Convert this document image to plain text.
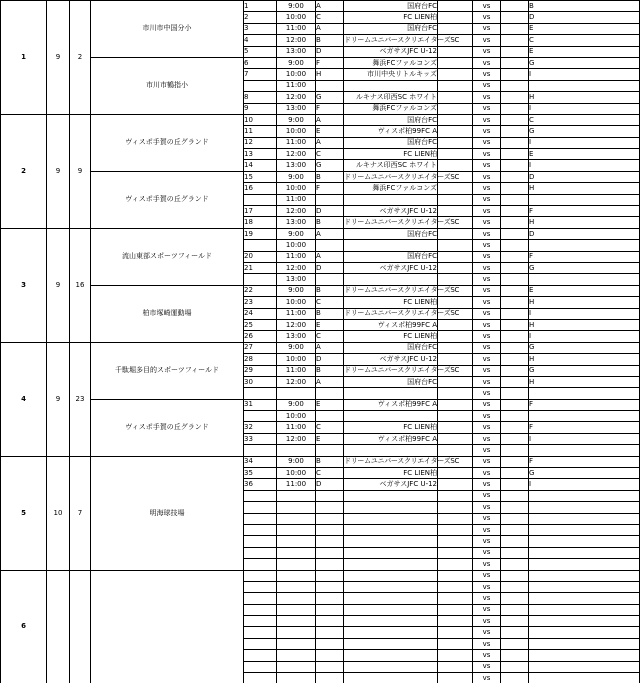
1	9	2	市川市中国分小	1	9:00	A	国府台FC		vs		B	
				2	10:00	C	FC LIEN柏		vs		D	
				3	11:00	A	国府台FC		vs		E	
				4	12:00	B	ドリームユニバースクリエイターズSC		vs		C	
				5	13:00	D	ベガサスJFC U-12		vs		E	
			市川市鶴指小	6	9:00	F	舞浜FCファルコンズ		vs		G	
				7	10:00	H	市川中央リトルキッズ		vs		I	
					11:00				vs			
				8	12:00	G	ルキナス印西SC ホワイト		vs		H	
				9	13:00	F	舞浜FCファルコンズ		vs		I	
2	9	9	ヴィスポ手賀の丘グランド	10	9:00	A	国府台FC		vs		C	
				11	10:00	E	ヴィスポ柏99FC A		vs		G	
				12	11:00	A	国府台FC		vs		I	
				13	12:00	C	FC LIEN柏		vs		E	
				14	13:00	G	ルキナス印西SC ホワイト		vs		I	
			ヴィスポ手賀の丘グランド	15	9:00	B	ドリームユニバースクリエイターズSC		vs		D	
				16	10:00	F	舞浜FCファルコンズ		vs		H	
					11:00				vs			
				17	12:00	D	ベガサスJFC U-12		vs		F	
				18	13:00	B	ドリームユニバースクリエイターズSC		vs		H	
3	9	16	流山東部スポーツフィールド	19	9:00	A	国府台FC		vs		D	
					10:00				vs			
				20	11:00	A	国府台FC		vs		F	
				21	12:00	D	ベガサスJFC U-12		vs		G	
					13:00				vs			
			柏市塚崎運動場	22	9:00	B	ドリームユニバースクリエイターズSC		vs		E	
				23	10:00	C	FC LIEN柏		vs		H	
				24	11:00	B	ドリームユニバースクリエイターズSC		vs		I	
				25	12:00	E	ヴィスポ柏99FC A		vs		H	
				26	13:00	C	FC LIEN柏		vs		I	
4	9	23	千駄堀多目的スポーツフィールド	27	9:00	A	国府台FC		vs		G	
				28	10:00	D	ベガサスJFC U-12		vs		H	
				29	11:00	B	ドリームユニバースクリエイターズSC		vs		G	
				30	12:00	A	国府台FC		vs		H	
									vs			
			ヴィスポ手賀の丘グランド	31	9:00	E	ヴィスポ柏99FC A		vs		F	
					10:00				vs			
				32	11:00	C	FC LIEN柏		vs		F	
				33	12:00	E	ヴィスポ柏99FC A		vs		I	
									vs			
5	10	7	明海球技場	34	9:00	B	ドリームユニバースクリエイターズSC		vs		F	
				35	10:00	C	FC LIEN柏		vs		G	
				36	11:00	D	ベガサスJFC U-12		vs		I	
									vs			
									vs			
									vs			
									vs			
									vs			
									vs			
									vs			
6									vs			
									vs			
									vs			
									vs			
									vs			
									vs			
									vs			
									vs			
									vs			
									vs			
